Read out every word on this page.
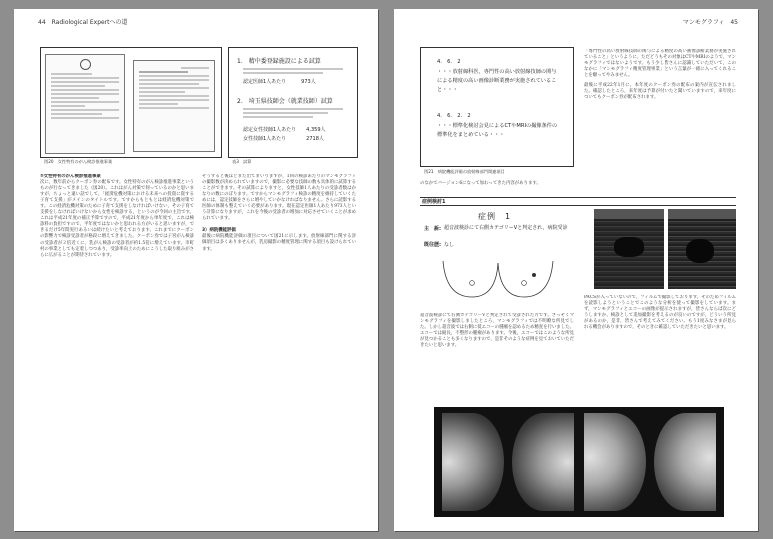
44　Radiological Expertへの道
図20　女性特有のがん検診推進事業
1.　精中委登録施設による試算
認定医師1人あたり　　　973人
2.　埼玉県技師会（就業技師）試算
認定女性技師1人あたり　　4,359人
女性技師1人あたり　　　　2718人
表3　試算

②女性特有のがん検診推進事業

次に，数年前からクーポン券の配布です。女性特有のがん検診推進事業というものが行なってきました（図20）。これはがん対策で伺っているのかと思いますが，ちょっと遠い話でして，「経済危機対策における未来への投資に資する子育て支援」がメインのタイトルです。ですからもともとは経済危機対策です。この経済危機対策のために子育て支援をしなければいけない，その子育て支援をしなければいけないから女性を検診する，というのが今回の主旨です。これは平成21年度の補正予算ですので，平成21年度から単年度で，これは検診料の負担ですので，平年度ではないかと思われる方がいると思いますが，できるだけ5年間実行あるいは続けたいと考えております。これまでにクーポンの影響力で検診受診者が格段に増えてきました。クーポン券では子宮がん検診の受診者が２倍近くに，乳がん検診の受診者が約1.5倍に増えています。市町村の事業としても定着しつつあり，受診率向上のためにこうした取り組みがさらに広がることが期待されています。

そうすると後ほどまた出てまいりますが，1回の検診あたりのマンモグラフィの撮影数が決められていますので，撮影に必要な技師の数も具体的に試算することができます。その試算によりますと，女性技師1人あたりの受診者数はかなりの数にのぼります。ですからマンモグラフィ検診の精度を維持していくためには，認定技師をさらに増やしていかなければなりません。さらに読影する医師の体制も整えていく必要があります。現在認定医師1人あたり973人という計算になりますが，これを今後の受診者の増加に対応させていくことが求められています。

3）病院機能評価

最後に病院機能評価の項目について図21に示します。放射線部門に関する評価項目は多くありませんが，乳房撮影の精度管理に関する項目も設けられています。

マンモグラフィ　45
4.　6.　2
・・・放射線科医，専門性の高い放射線技師の関与による精度の高い画像診断業務が実施されていること・・・
4.　6.　2.　2
・・・標準化検討会見によるCTやMRIの撮像条件の標準化をまとめている・・・
図21　病院機能評価の放射線部門関連項目
のなかでバージョン6になって加わってきた内容があります。

「専門性の高い放射線技師の関与による精度の高い画像診断業務が実施されていること」というように，ただどうもその対象はCTやMRIのようで，マンモグラフィではないようです。もう少し皆さんに認識していただいて，このなかに「マンモグラフィ精度管理事業」という言葉が一緒に入ってくれることを願ってやみません。

最後に平成22年1月に，本年度のクーポン券の配布の案内が宣伝されました。確認したところ，来年度は予算が付いたと聞いていますので，来年度についてもクーポン券が配布されます。

症例検討1
症例　1
主　訴: 超音波検診にて右側カテゴリーVと判定され，病院受診
既往歴: なし
超音波検診にて右側カテゴリーVと判定されて受診された方です。さっそくマンモグラフィを撮影しましたところ，マンモグラフィでは不明瞭な所見でした。しかし超音波では右側に低エコーの腫瘤を認めるため精査を行いました。エコーでは縦長，不整形の腫瘤があります。今後，エコーではこのような所見が見つかることも多くなりますので，是非そのような症例を見ておいていただきたいと思います。
PACSが入っていないので，フィルムで撮影しております。そのためフィルムを読影しようということでこのような分析を使って撮影をしています。まず，マンモグラフィとエコーの画像が提示されますが，皆さんならば次にどうしますか。検診として追加撮影を考えるのが良いのですが，どういう所見があるのか，是非，皆さんで考えてみてください。もう1度みなさまが見られる機会がありますので，そのときに確認していただきたいと思います。
